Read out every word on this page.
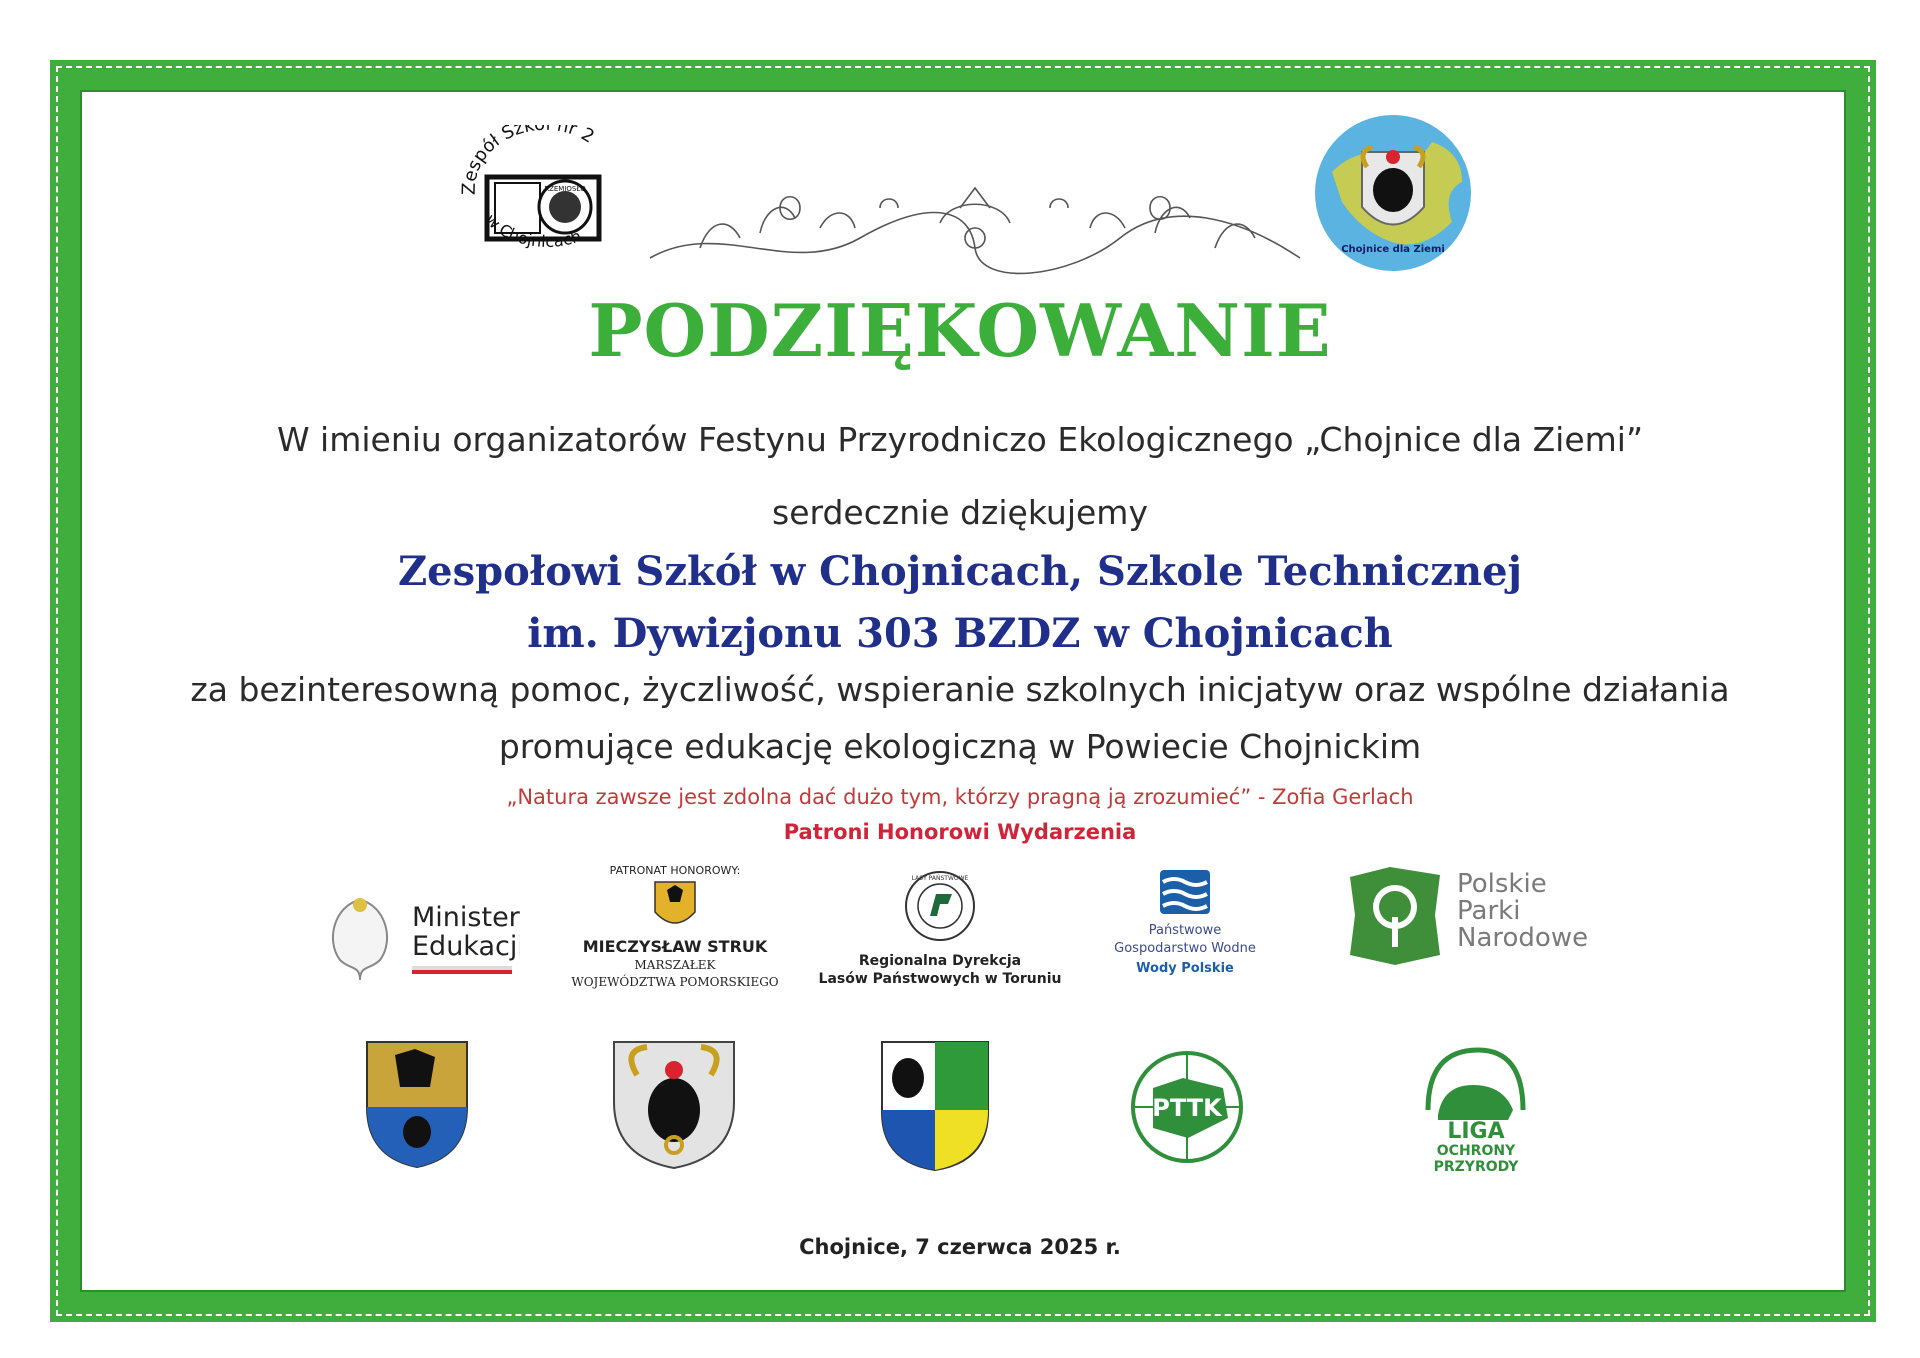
Zespół Szk nr 2
RZEMIOSŁO
w Chojnicach
Chojnice dla Ziemi
PODZIĘKOWANIE
W imieniu organizatorów Festynu Przyrodniczo Ekologicznego „Chojnice dla Ziemi”
serdecznie dziękujemy
Zespołowi Szkół w Chojnicach, Szkole Technicznej
im. Dywizjonu 303 BZDZ w Chojnicach
za bezinteresowną pomoc, życzliwość, wspieranie szkolnych inicjatyw oraz wspólne działania
promujące edukację ekologiczną w Powiecie Chojnickim
„Natura zawsze jest zdolna dać dużo tym, którzy pragną ją zrozumieć” - Zofia Gerlach
Patroni Honorowi Wydarzenia
Minister
Edukacji
PATRONAT HONOROWY:
MIECZYSŁAW STRUK
MARSZAŁEK
WOJEWÓDZTWA POMORSKIEGO
LASY PAŃSTWOWE
Regionalna Dyrekcja
Lasów Państwowych w Toruniu
Państwowe
Gospodarstwo Wodne
Wody Polskie
Polskie
Parki
Narodowe
PTTK
LIGA
OCHRONY
PRZYRODY
Chojnice, 7 czerwca 2025 r.
